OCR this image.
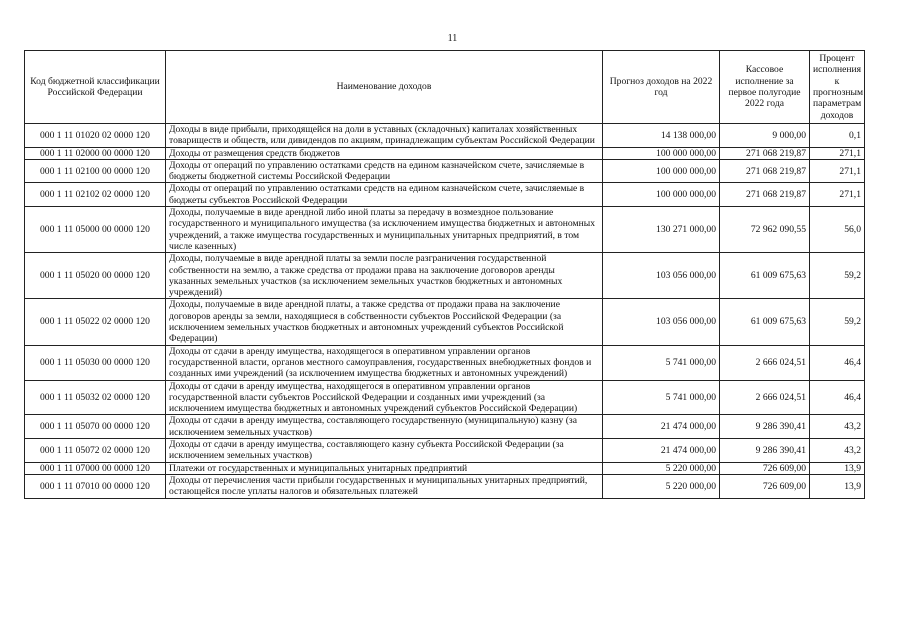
11
Код бюджетной классификации Российской Федерации	Наименование доходов	Прогноз доходов на 2022 год	Кассовое исполнение за первое полугодие 2022 года	Процент исполнения к прогнозным параметрам доходов
000 1 11 01020 02 0000 120	Доходы в виде прибыли, приходящейся на доли в уставных (складочных) капиталах хозяйственных товариществ и обществ, или дивидендов по акциям, принадлежащим субъектам Российской Федерации	14 138 000,00	9 000,00	0,1
000 1 11 02000 00 0000 120	Доходы от размещения средств бюджетов	100 000 000,00	271 068 219,87	271,1
000 1 11 02100 00 0000 120	Доходы от операций по управлению остатками средств на едином казначейском счете, зачисляемые в бюджеты бюджетной системы Российской Федерации	100 000 000,00	271 068 219,87	271,1
000 1 11 02102 02 0000 120	Доходы от операций по управлению остатками средств на едином казначейском счете, зачисляемые в бюджеты субъектов Российской Федерации	100 000 000,00	271 068 219,87	271,1
000 1 11 05000 00 0000 120	Доходы, получаемые в виде арендной либо иной платы за передачу в возмездное пользование государственного и муниципального имущества (за исключением имущества бюджетных и автономных учреждений, а также имущества государственных и муниципальных унитарных предприятий, в том числе казенных)	130 271 000,00	72 962 090,55	56,0
000 1 11 05020 00 0000 120	Доходы, получаемые в виде арендной платы за земли после разграничения государственной собственности на землю, а также средства от продажи права на заключение договоров аренды указанных земельных участков (за исключением земельных участков бюджетных и автономных учреждений)	103 056 000,00	61 009 675,63	59,2
000 1 11 05022 02 0000 120	Доходы, получаемые в виде арендной платы, а также средства от продажи права на заключение договоров аренды за земли, находящиеся в собственности субъектов Российской Федерации (за исключением земельных участков бюджетных и автономных учреждений субъектов Российской Федерации)	103 056 000,00	61 009 675,63	59,2
000 1 11 05030 00 0000 120	Доходы от сдачи в аренду имущества, находящегося в оперативном управлении органов государственной власти, органов местного самоуправления, государственных внебюджетных фондов и созданных ими учреждений (за исключением имущества бюджетных и автономных учреждений)	5 741 000,00	2 666 024,51	46,4
000 1 11 05032 02 0000 120	Доходы от сдачи в аренду имущества, находящегося в оперативном управлении органов государственной власти субъектов Российской Федерации и созданных ими учреждений (за исключением имущества бюджетных и автономных учреждений субъектов Российской Федерации)	5 741 000,00	2 666 024,51	46,4
000 1 11 05070 00 0000 120	Доходы от сдачи в аренду имущества, составляющего государственную (муниципальную) казну (за исключением земельных участков)	21 474 000,00	9 286 390,41	43,2
000 1 11 05072 02 0000 120	Доходы от сдачи в аренду имущества, составляющего казну субъекта Российской Федерации (за исключением земельных участков)	21 474 000,00	9 286 390,41	43,2
000 1 11 07000 00 0000 120	Платежи от государственных и муниципальных унитарных предприятий	5 220 000,00	726 609,00	13,9
000 1 11 07010 00 0000 120	Доходы от перечисления части прибыли государственных и муниципальных унитарных предприятий, остающейся после уплаты налогов и обязательных платежей	5 220 000,00	726 609,00	13,9
